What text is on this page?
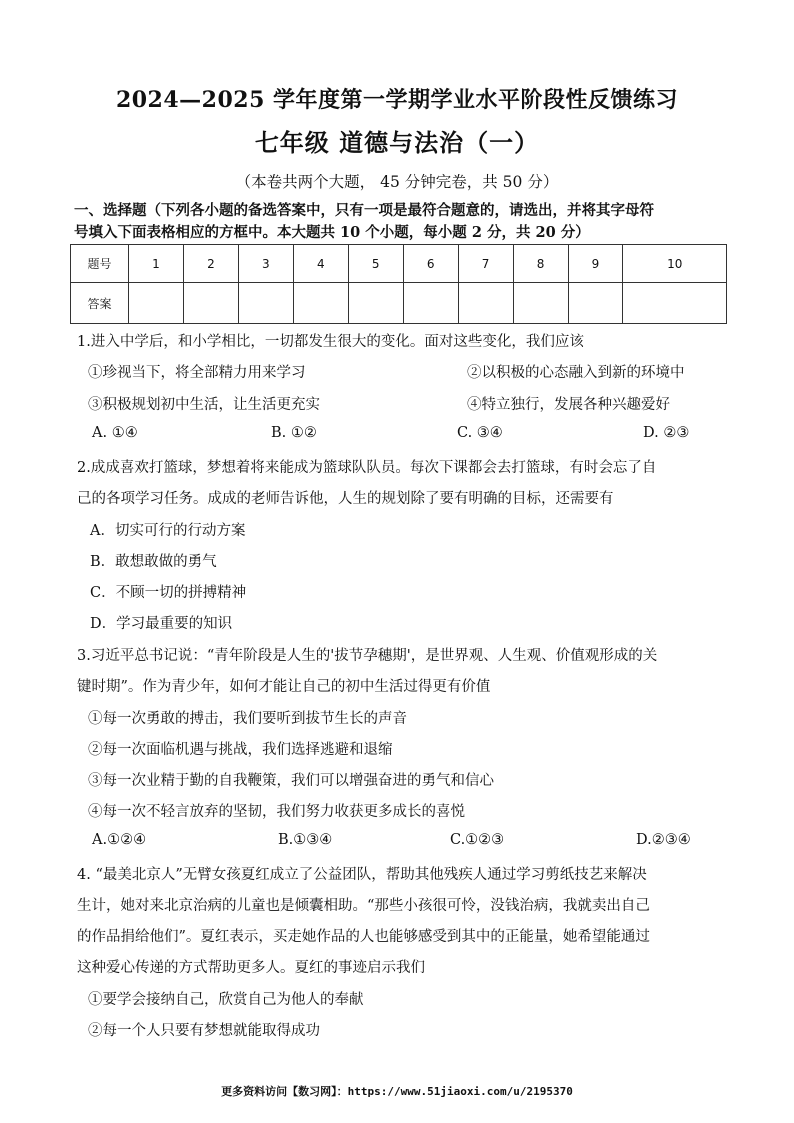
2024—2025 学年度第一学期学业水平阶段性反馈练习
七年级 道德与法治（一）
（本卷共两个大题， 45 分钟完卷，共 50 分）
一、选择题（下列各小题的备选答案中，只有一项是最符合题意的，请选出，并将其字母符
号填入下面表格相应的方框中。本大题共 10 个小题，每小题 2 分，共 20 分）
题号	1	2	3	4	5	6	7	8	9	10
答案										
1.进入中学后，和小学相比，一切都发生很大的变化。面对这些变化，我们应该
①珍视当下，将全部精力用来学习	②以积极的心态融入到新的环境中
③积极规划初中生活，让生活更充实	④特立独行，发展各种兴趣爱好
A. ①④	B. ①②	C. ③④	D. ②③
2.成成喜欢打篮球，梦想着将来能成为篮球队队员。每次下课都会去打篮球，有时会忘了自
己的各项学习任务。成成的老师告诉他，人生的规划除了要有明确的目标，还需要有
A．切实可行的行动方案
B．敢想敢做的勇气
C．不顾一切的拼搏精神
D．学习最重要的知识
3.习近平总书记说：“青年阶段是人生的'拔节孕穗期'，是世界观、人生观、价值观形成的关
键时期”。作为青少年，如何才能让自己的初中生活过得更有价值
①每一次勇敢的搏击，我们要听到拔节生长的声音
②每一次面临机遇与挑战，我们选择逃避和退缩
③每一次业精于勤的自我鞭策，我们可以增强奋进的勇气和信心
④每一次不轻言放弃的坚韧，我们努力收获更多成长的喜悦
A.①②④	B.①③④	C.①②③	D.②③④
4. “最美北京人”无臂女孩夏红成立了公益团队，帮助其他残疾人通过学习剪纸技艺来解决
生计，她对来北京治病的儿童也是倾囊相助。“那些小孩很可怜，没钱治病，我就卖出自己
的作品捐给他们”。夏红表示，买走她作品的人也能够感受到其中的正能量，她希望能通过
这种爱心传递的方式帮助更多人。夏红的事迹启示我们
①要学会接纳自己，欣赏自己为他人的奉献
②每一个人只要有梦想就能取得成功
更多资料访问【数习网】：https://www.51jiaoxi.com/u/2195370
